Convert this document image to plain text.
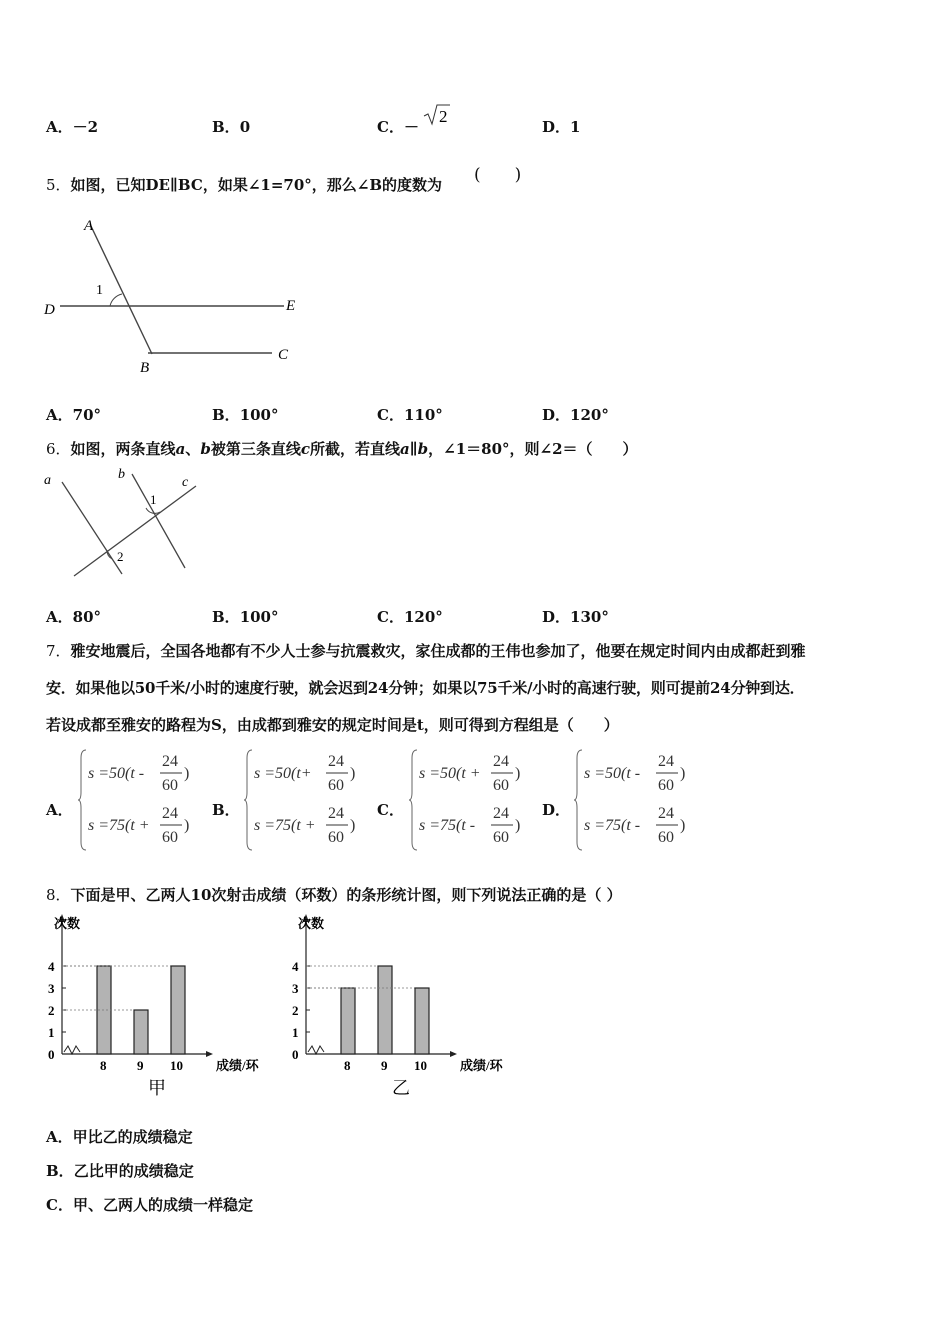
A．－2	B．0	C．－
2
D．1
5．如图，已知DE∥BC，如果∠1=70°，那么∠B的度数为 (　　)
A
D	E
B
C
1
A．70°	B．100°	C．110°	D．120°
6．如图，两条直线a、b被第三条直线c所截，若直线a∥b，∠1＝80°，则∠2＝（　　）
a	b
c
1
2
A．80°	B．100°	C．120°	D．130°
7．雅安地震后，全国各地都有不少人士参与抗震救灾，家住成都的王伟也参加了，他要在规定时间内由成都赶到雅
安．如果他以50千米/小时的速度行驶，就会迟到24分钟；如果以75千米/小时的高速行驶，则可提前24分钟到达．
若设成都至雅安的路程为S，由成都到雅安的规定时间是t，则可得到方程组是（　　）
A．
s =50(t -
24
60
)
s =75(t +
24
60
)
B．
s =50(t+
24
60
)
s =75(t +
24
60
)
C．
s =50(t +
24
60
)
s =75(t -
24
60
)
D．
s =50(t -
24
60
)
s =75(t -
24
60
)
8．下面是甲、乙两人10次射击成绩（环数）的条形统计图，则下列说法正确的是（ ）
次数
0
1
2
3
4
8 9 10	成绩/环
甲
次数
0
1
2
3
4
8 9 10	成绩/环
乙
A．甲比乙的成绩稳定
B．乙比甲的成绩稳定
C．甲、乙两人的成绩一样稳定
